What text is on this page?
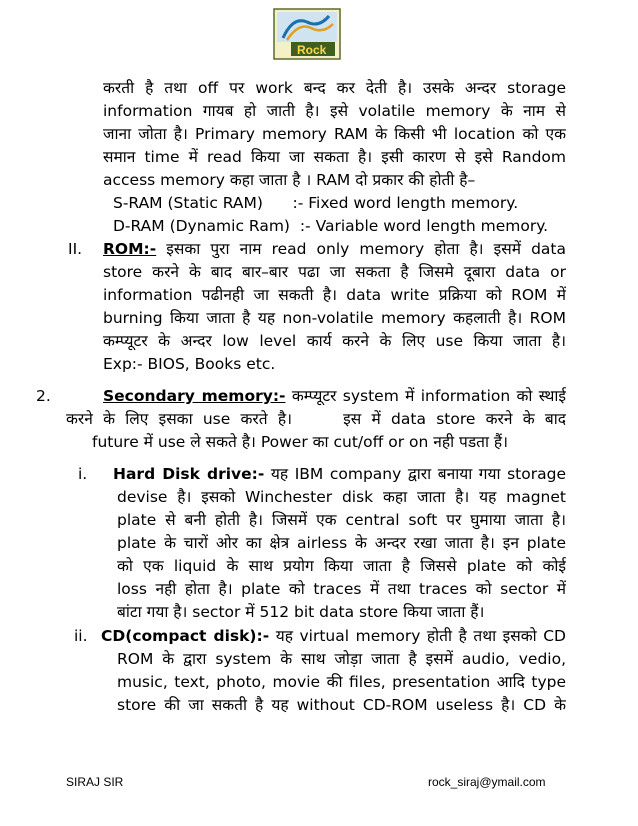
Rock
करती है तथा off पर work बन्द कर देती है। उसके अन्दर storage
information गायब हो जाती है। इसे volatile memory के नाम से
जाना जोता है। Primary memory RAM के किसी भी location को एक
समान time में read किया जा सकता है। इसी कारण से इसे Random
access memory कहा जाता है । RAM दो प्रकार की होती है–
S-RAM (Static RAM)      :- Fixed word length memory.
D-RAM (Dynamic Ram)  :- Variable word length memory.
II. ROM:- इसका पुरा नाम read only memory होता है। इसमें data
store करने के बाद बार–बार पढा जा सकता है जिसमे दूबारा data or
information पढीनही जा सकती है। data write प्रक्रिया को ROM में
burning किया जाता है यह non-volatile memory कहलाती है। ROM
कम्प्यूटर के अन्दर low level कार्य करने के लिए use किया जाता है।
Exp:- BIOS, Books etc.
2.	Secondary memory:- कम्प्यूटर system में information को स्थाई
करने के लिए इसका use करते है।     इस में data store करने के बाद
future में use ले सकते है। Power का cut/off or on नही पडता हैं।
i. Hard Disk drive:- यह IBM company द्वारा बनाया गया storage
devise है। इसको Winchester disk कहा जाता है। यह magnet
plate से बनी होती है। जिसमें एक central soft पर घुमाया जाता है।
plate के चारों ओर का क्षेत्र airless के अन्दर रखा जाता है। इन plate
को एक liquid के साथ प्रयोग किया जाता है जिससे plate को कोई
loss नही होता है। plate को traces में तथा traces को sector में
बांटा गया है। sector में 512 bit data store किया जाता हैं।
ii. CD(compact disk):- यह virtual memory होती है तथा इसको CD
ROM के द्वारा system के साथ जोड़ा जाता है इसमें audio, vedio,
music, text, photo, movie की files, presentation आदि type
store की जा सकती है यह without CD-ROM useless है। CD के
SIRAJ SIR	rock_siraj@ymail.com
